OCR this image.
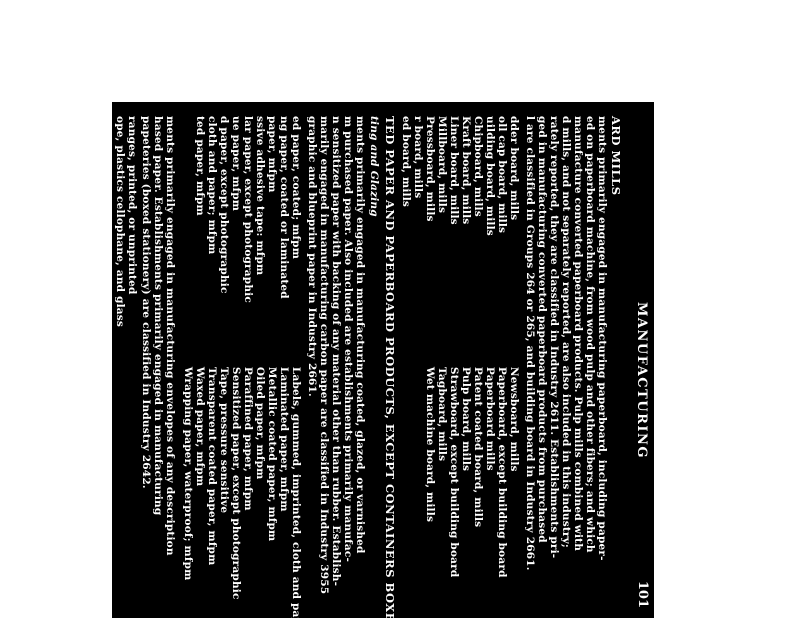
MANUFACTURING
101
ARD MILLS
ments primarily engaged in manufacturing paperboard, including paper-
ed on paperboard machine, from wood pulp and other fibers; and which
manufacture converted paperboard products. Pulp mills combined with
d mills, and not separately reported, are also included in this industry;
rately reported, they are classified in Industry 2611. Establishments pri-
ged in manufacturing converted paperboard products from purchased
l are classified in Groups 264 or 265, and building board in Industry 2661.
dder board, mills
oll cap board, mills
uilding board, mills
Chipboard, mills
Kraft board, mills
Liner board, mills
Millboard, mills
Pressboard, mills
r board, mills
ed board, mills
Newsboard, mills
Paperboard, except building board
Paperboard mills
Patent coated board, mills
Pulp board, mills
Strawboard, except building board
Tagboard, mills
Wet machine board, mills
TED PAPER AND PAPERBOARD PRODUCTS, EXCEPT CONTAINERS BOXES
ting and Glazing
ments primarily engaged in manufacturing coated, glazed, or varnished
m purchased paper. Also included are establishments primarily manufac-
n sensitized paper with backing of any material other than rubber. Establish-
marily engaged in manufacturing carbon paper are classified in Industry 3955
graphic and blueprint paper in Industry 2661.
ed paper, coated; mfpm
ng paper, coated or laminated
paper, mfpm
ssive adhesive tape: mfpm
lar paper, except photographic
ue paper, mfpm
d paper, except photographic
cloth and paper; mfpm
ted paper, mfpm
Labels, gummed, imprinted, cloth and paper
Laminated paper, mfpm
Metallic coated paper, mfpm
Oiled paper, mfpm
Paraffined paper, mfpm
Sensitized paper, except photographic
Tape, pressure sensitive
Transparent coated paper, mfpm
Waxed paper, mfpm
Wrapping paper, waterproof; mfpm
ments primarily engaged in manufacturing envelopes of any description
hased paper. Establishments primarily engaged in manufacturing
papeteries (boxed stationery) are classified in Industry 2642.
ranges, printed, or unprinted
ope, plastics cellophane, and glass
